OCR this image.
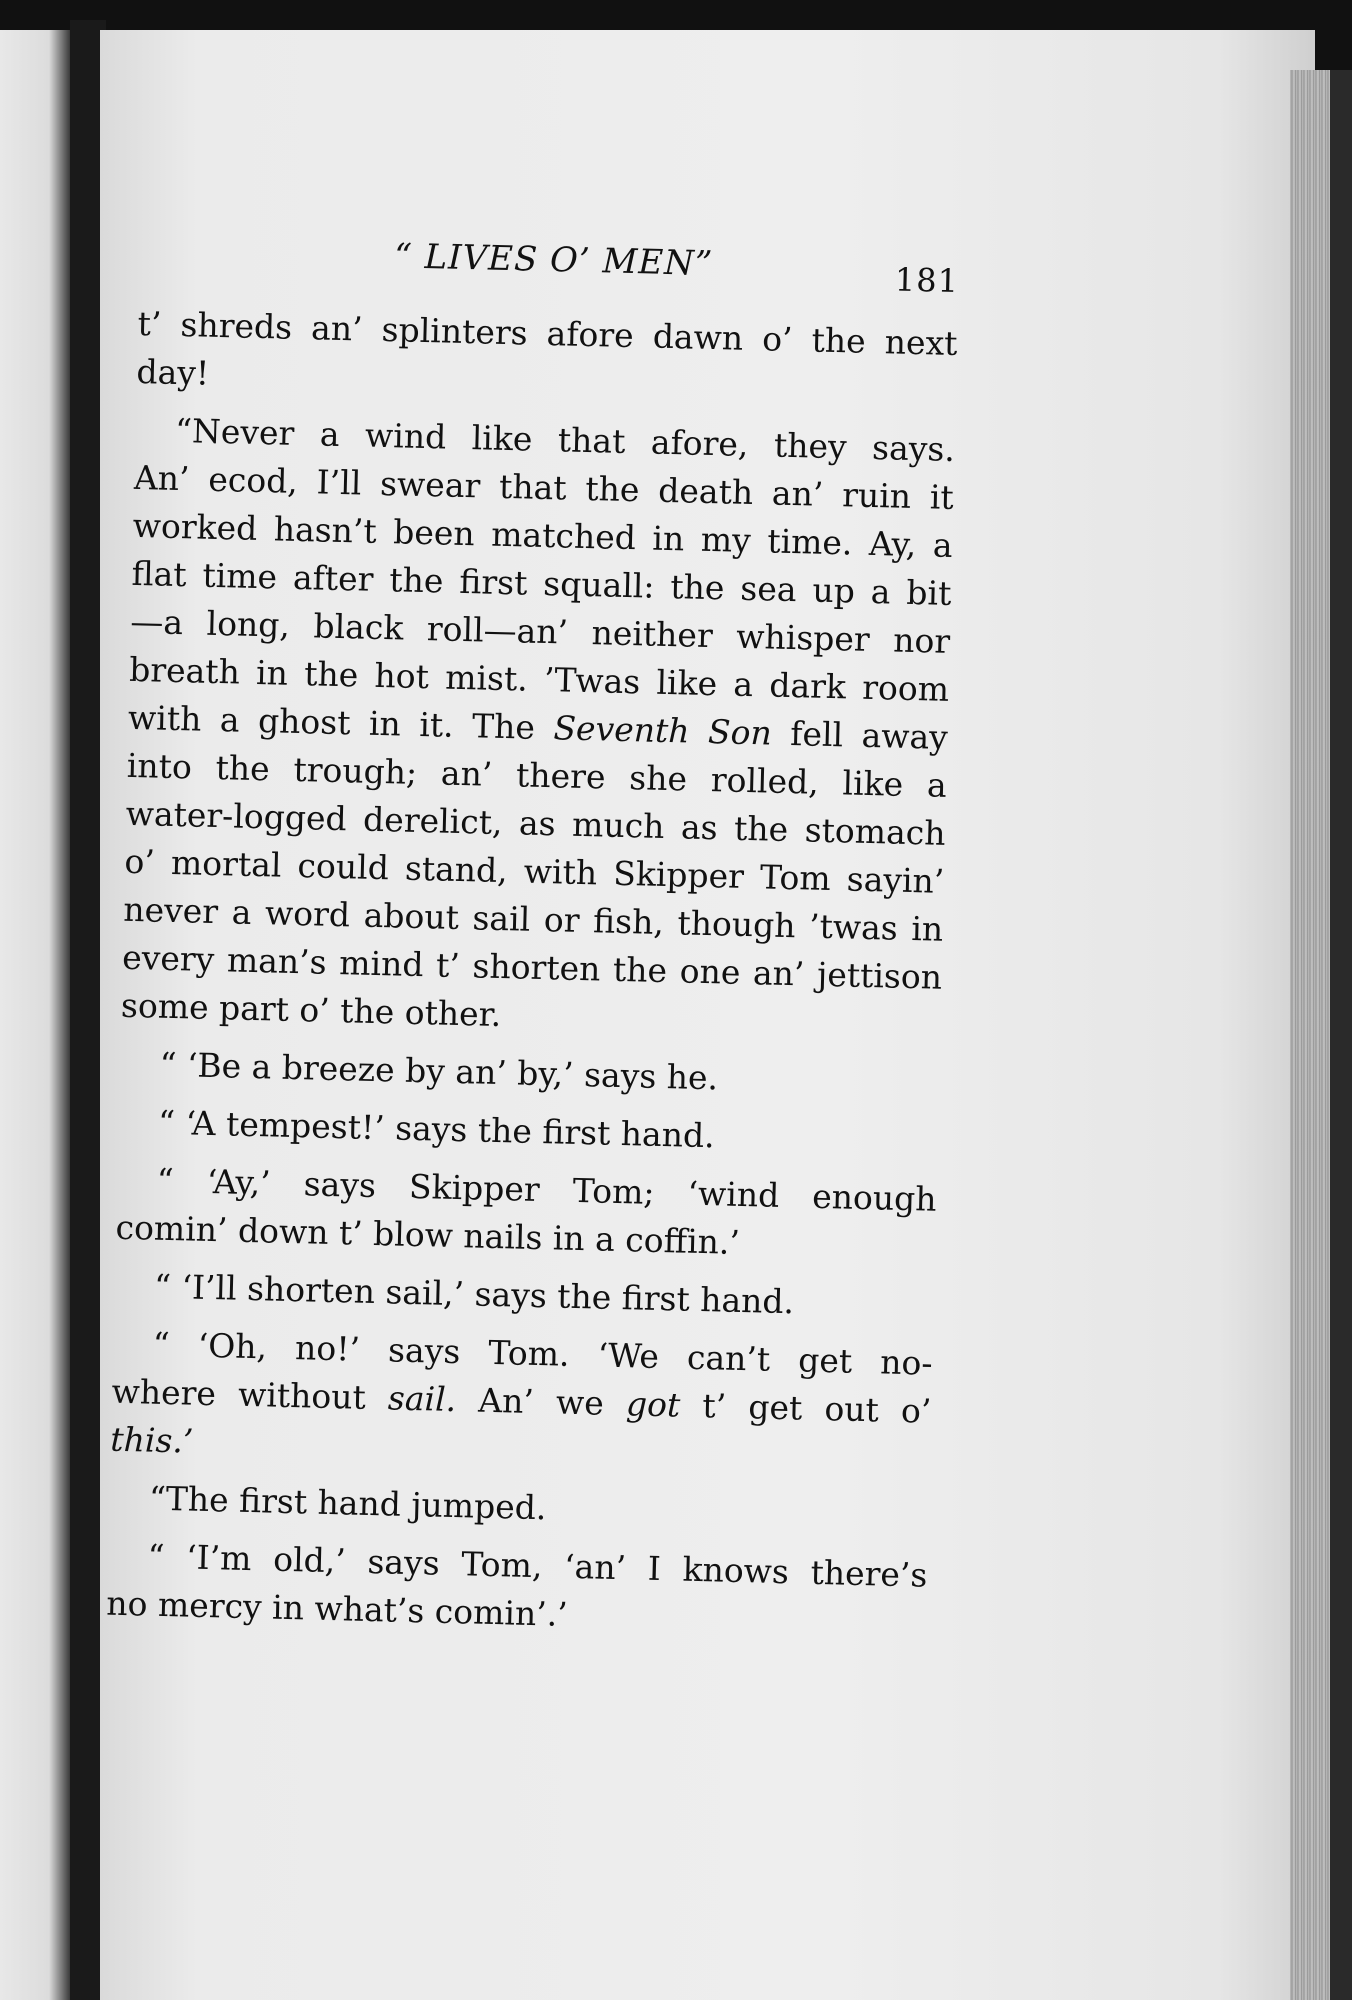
“ LIVES O’ MEN”	181
t’ shreds an’ splinters afore dawn o’ the next
day!
“Never a wind like that afore, they says.
An’ ecod, I’ll swear that the death an’ ruin it
worked hasn’t been matched in my time. Ay, a
flat time after the first squall: the sea up a bit
—a long, black roll—an’ neither whisper nor
breath in the hot mist. ’Twas like a dark room
with a ghost in it. The Seventh Son fell away
into the trough; an’ there she rolled, like a
water-logged derelict, as much as the stomach
o’ mortal could stand, with Skipper Tom sayin’
never a word about sail or fish, though ’twas in
every man’s mind t’ shorten the one an’ jettison
some part o’ the other.
“ ‘Be a breeze by an’ by,’ says he.
“ ‘A tempest!’ says the first hand.
“ ‘Ay,’ says Skipper Tom; ‘wind enough
comin’ down t’ blow nails in a coffin.’
“ ‘I’ll shorten sail,’ says the first hand.
“ ‘Oh, no!’ says Tom. ‘We can’t get no-
where without sail. An’ we got t’ get out o’
this.’
“The first hand jumped.
“ ‘I’m old,’ says Tom, ‘an’ I knows there’s
no mercy in what’s comin’.’
